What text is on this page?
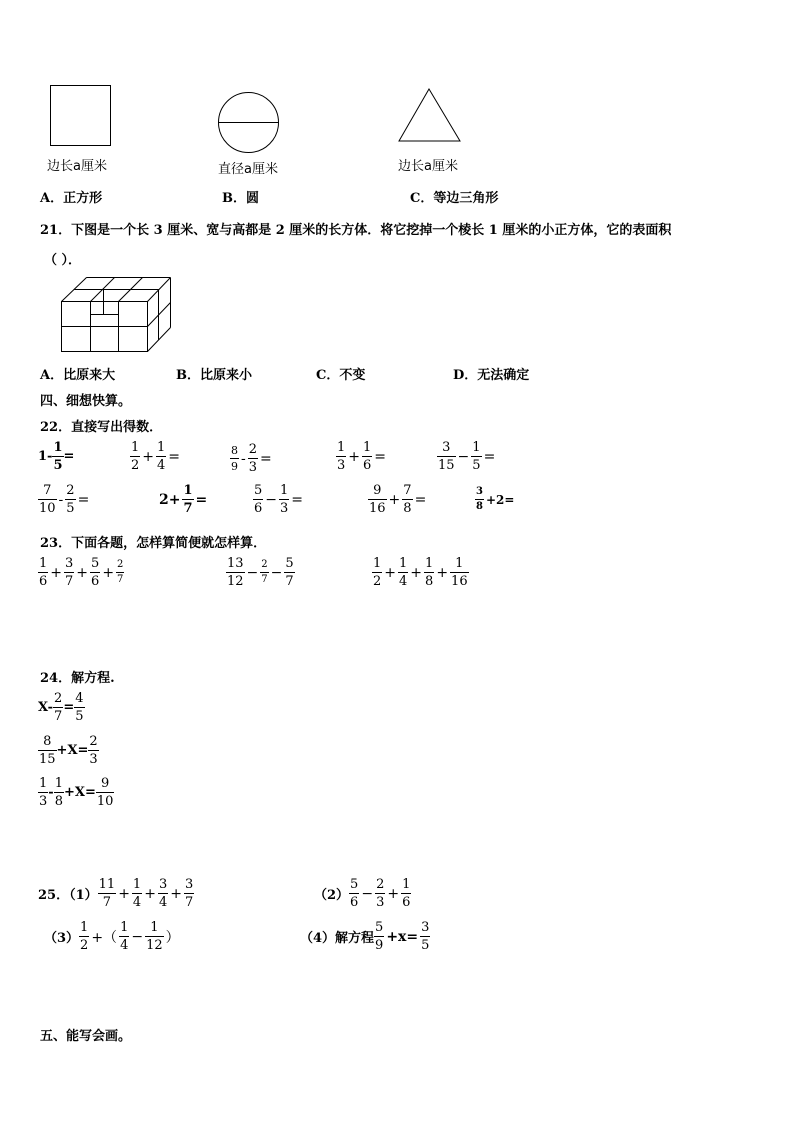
边长a厘米	直径a厘米	边长a厘米
A．正方形	B．圆	C．等边三角形
21．下图是一个长 3 厘米、宽与高都是 2 厘米的长方体．将它挖掉一个棱长 1 厘米的小正方体，它的表面积
（ ）．
A．比原来大	B．比原来小	C．不变	D．无法确定
四、细想快算。
22．直接写出得数．
$1- \frac{1}{5}$ =	$\frac{1}{2} + \frac{1}{4}$ =	$\frac{8}{9} - \frac{2}{3}$ =	$\frac{1}{3} + \frac{1}{6}$ =	$\frac{3}{15} - \frac{1}{5}$ =
$\frac{7}{10} - \frac{2}{5}$ =	$2+ \frac{1}{7}$ =	$\frac{5}{6} - \frac{1}{3}$ =	$\frac{9}{16} + \frac{7}{8}$ =	$\frac{3}{8} +2=$
23．下面各题，怎样算简便就怎样算．
$\frac{1}{6} + \frac{3}{7} + \frac{5}{6} + \frac{2}{7}$	$\frac{13}{12} - \frac{2}{7} - \frac{5}{7}$	$\frac{1}{2} + \frac{1}{4} + \frac{1}{8} + \frac{1}{16}$
24．解方程.
$X- \frac{2}{7} = \frac{4}{5}$
$\frac{8}{15} +X= \frac{2}{3}$
$\frac{1}{3} - \frac{1}{8} +X= \frac{9}{10}$
25．$(1) \frac{11}{7} + \frac{1}{4} + \frac{3}{4} + \frac{3}{7}$	$(2) \frac{5}{6} - \frac{2}{3} + \frac{1}{6}$
$(3) \frac{1}{2}$ +（ $\frac{1}{4} - \frac{1}{12}$ ）	（4）解方程 $\frac{5}{9} +x= \frac{3}{5}$
五、能写会画。
